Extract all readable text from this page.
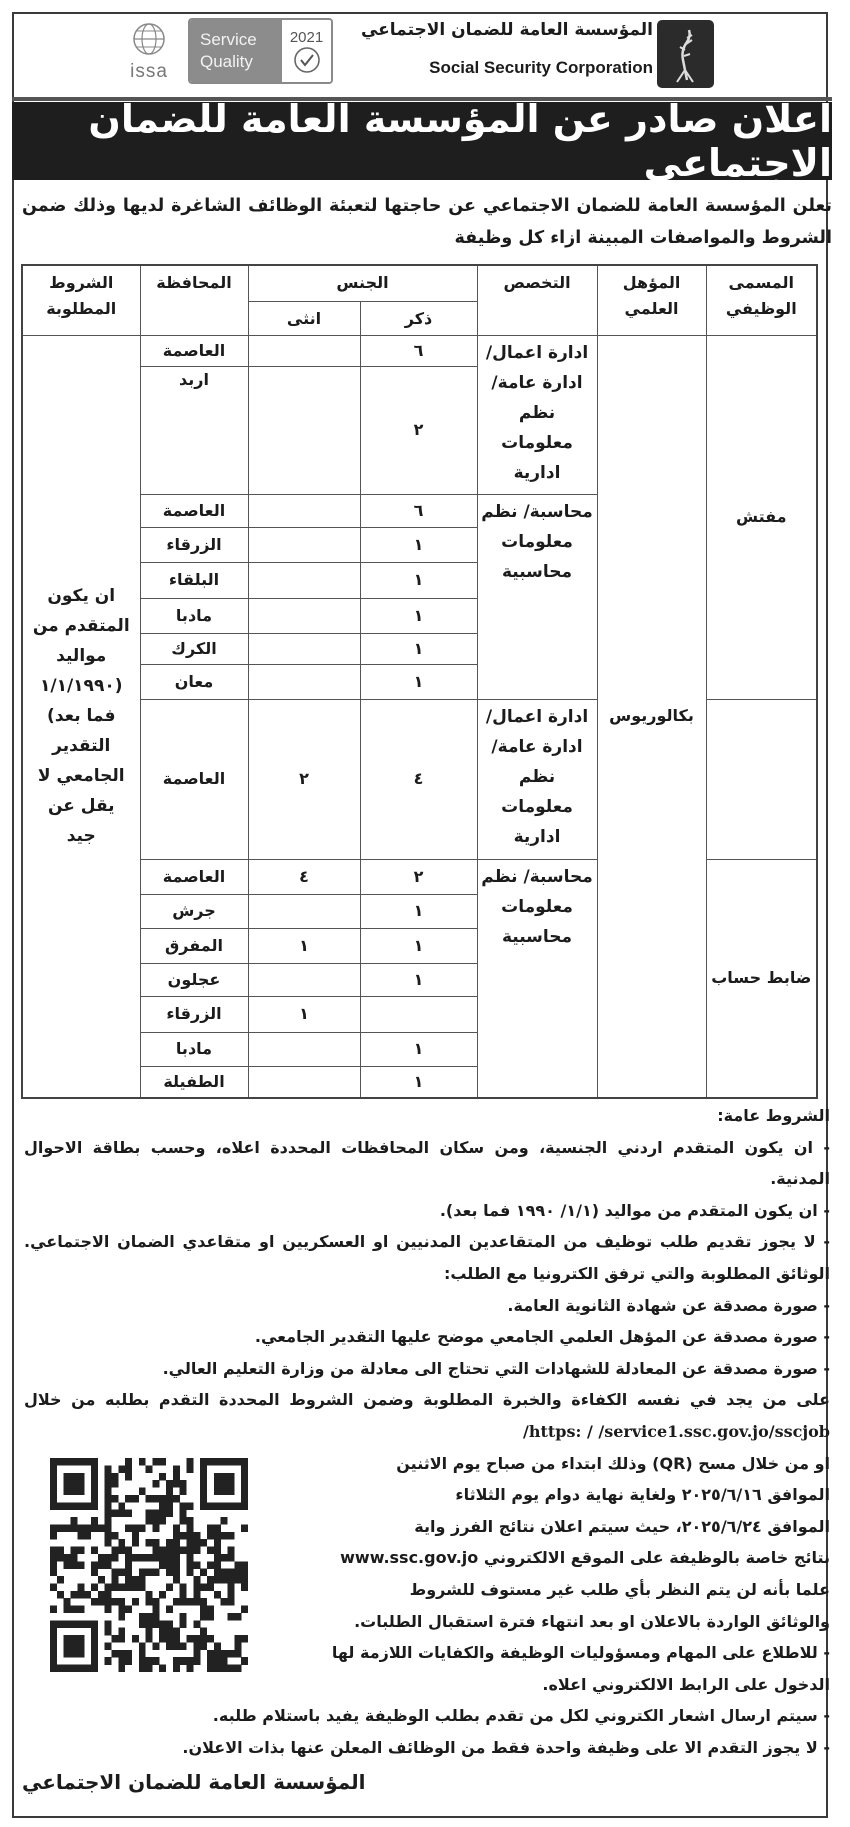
المؤسسة العامة للضمان الاجتماعي
Social Security Corporation
Service
Quality
2021
issa
اعلان صادر عن المؤسسة العامة للضمان الاجتماعي
تعلن المؤسسة العامة للضمان الاجتماعي عن حاجتها لتعبئة الوظائف الشاغرة لديها وذلك ضمن
الشروط والمواصفات المبينة ازاء كل وظيفة
المسمى الوظيفي	المؤهل العلمي	التخصص	الجنس		المحافظة	الشروط المطلوبة
			ذكر	انثى		
مفتش	بكالوريوس	ادارة اعمال/ ادارة عامة/نظم معلومات ادارية	٦		العاصمة	ان يكون المتقدم من مواليد (١/١/١٩٩٠ فما بعد) التقدير الجامعي لا يقل عن جيد
			٢		اربد	
		محاسبة/ نظم معلومات محاسبية	٦		العاصمة	
			١		الزرقاء	
			١		البلقاء	
			١		مادبا	
			١		الكرك	
			١		معان	
		ادارة اعمال/ ادارة عامة/نظم معلومات ادارية	٤	٢	العاصمة	
ضابط حساب		محاسبة/ نظم معلومات محاسبية	٢	٤	العاصمة	
			١		جرش	
			١	١	المفرق	
			١		عجلون	
				١	الزرقاء	
			١		مادبا	
			١		الطفيلة	
الشروط عامة:
- ان يكون المتقدم اردني الجنسية، ومن سكان المحافظات المحددة اعلاه، وحسب بطاقة الاحوال
المدنية.
- ان يكون المتقدم من مواليد (١/١/ ١٩٩٠ فما بعد).
- لا يجوز تقديم طلب توظيف من المتقاعدين المدنيين او العسكريين او متقاعدي الضمان الاجتماعي.
الوثائق المطلوبة والتي ترفق الكترونيا مع الطلب:
- صورة مصدقة عن شهادة الثانوية العامة.
- صورة مصدقة عن المؤهل العلمي الجامعي موضح عليها التقدير الجامعي.
- صورة مصدقة عن المعادلة للشهادات التي تحتاج الى معادلة من وزارة التعليم العالي.
على من يجد في نفسه الكفاءة والخبرة المطلوبة وضمن الشروط المحددة التقدم بطلبه من خلال
/https: / /service1.ssc.gov.jo/sscjob
او من خلال مسح (QR) وذلك ابتداء من صباح يوم الاثنين
الموافق ٢٠٢٥/٦/١٦ ولغاية نهاية دوام يوم الثلاثاء
الموافق ٢٠٢٥/٦/٢٤، حيث سيتم اعلان نتائج الفرز واية
نتائج خاصة بالوظيفة على الموقع الالكتروني www.ssc.gov.jo
علما بأنه لن يتم النظر بأي طلب غير مستوف للشروط
والوثائق الواردة بالاعلان او بعد انتهاء فترة استقبال الطلبات.
- للاطلاع على المهام ومسؤوليات الوظيفة والكفايات اللازمة لها
الدخول على الرابط الالكتروني اعلاه.
- سيتم ارسال اشعار الكتروني لكل من تقدم بطلب الوظيفة يفيد باستلام طلبه.
- لا يجوز التقدم الا على وظيفة واحدة فقط من الوظائف المعلن عنها بذات الاعلان.
المؤسسة العامة للضمان الاجتماعي
